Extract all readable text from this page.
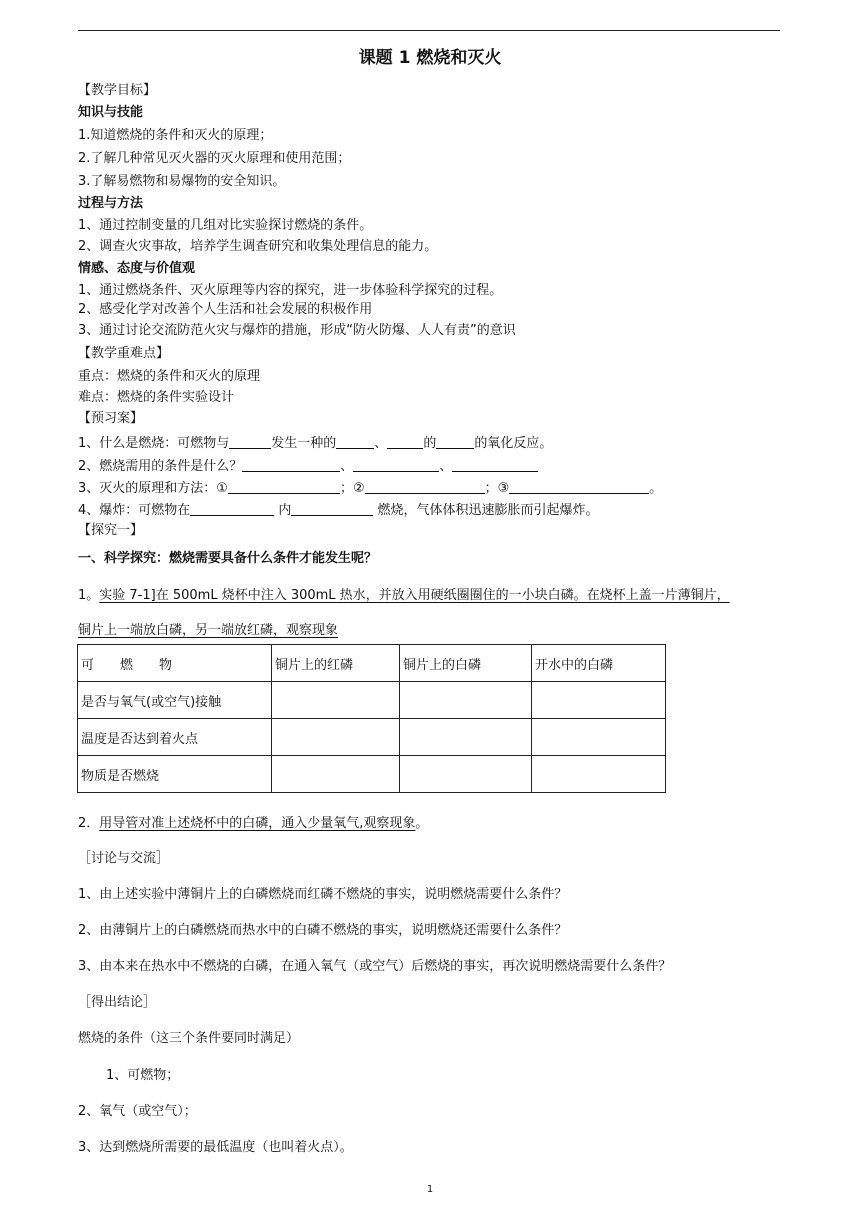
课题 1 燃烧和灭火
【教学目标】
知识与技能
1.知道燃烧的条件和灭火的原理；
2.了解几种常见灭火器的灭火原理和使用范围；
3.了解易燃物和易爆物的安全知识。
过程与方法
1、通过控制变量的几组对比实验探讨燃烧的条件。
2、调查火灾事故，培养学生调查研究和收集处理信息的能力。
情感、态度与价值观
1、通过燃烧条件、灭火原理等内容的探究，进一步体验科学探究的过程。
2、感受化学对改善个人生活和社会发展的积极作用
3、通过讨论交流防范火灾与爆炸的措施，形成“防火防爆、人人有责”的意识
【教学重难点】
重点：燃烧的条件和灭火的原理
难点：燃烧的条件实验设计
【预习案】
1、什么是燃烧：可燃物与	发生一种的	、	的	的氧化反应。
2、燃烧需用的条件是什么？	、	、
3、灭火的原理和方法：①	；②	；③	。
4、爆炸：可燃物在	内	燃烧，气体体积迅速膨胀而引起爆炸。
【探究一】
一、科学探究：燃烧需要具备什么条件才能发生呢？
1。实验 7-1]在 500mL 烧杯中注入 300mL 热水，并放入用硬纸圈圈住的一小块白磷。在烧杯上盖一片薄铜片，
铜片上一端放白磷，另一端放红磷，观察现象
可　　燃　　物	铜片上的红磷	铜片上的白磷	开水中的白磷
是否与氧气(或空气)接触			
温度是否达到着火点			
物质是否燃烧			
2．用导管对准上述烧杯中的白磷，通入少量氧气,观察现象。
［讨论与交流］
1、由上述实验中薄铜片上的白磷燃烧而红磷不燃烧的事实，说明燃烧需要什么条件？
2、由薄铜片上的白磷燃烧而热水中的白磷不燃烧的事实，说明燃烧还需要什么条件？
3、由本来在热水中不燃烧的白磷，在通入氧气（或空气）后燃烧的事实，再次说明燃烧需要什么条件？
［得出结论］
燃烧的条件（这三个条件要同时满足）
1、可燃物；
2、氧气（或空气）；
3、达到燃烧所需要的最低温度（也叫着火点）。
1
